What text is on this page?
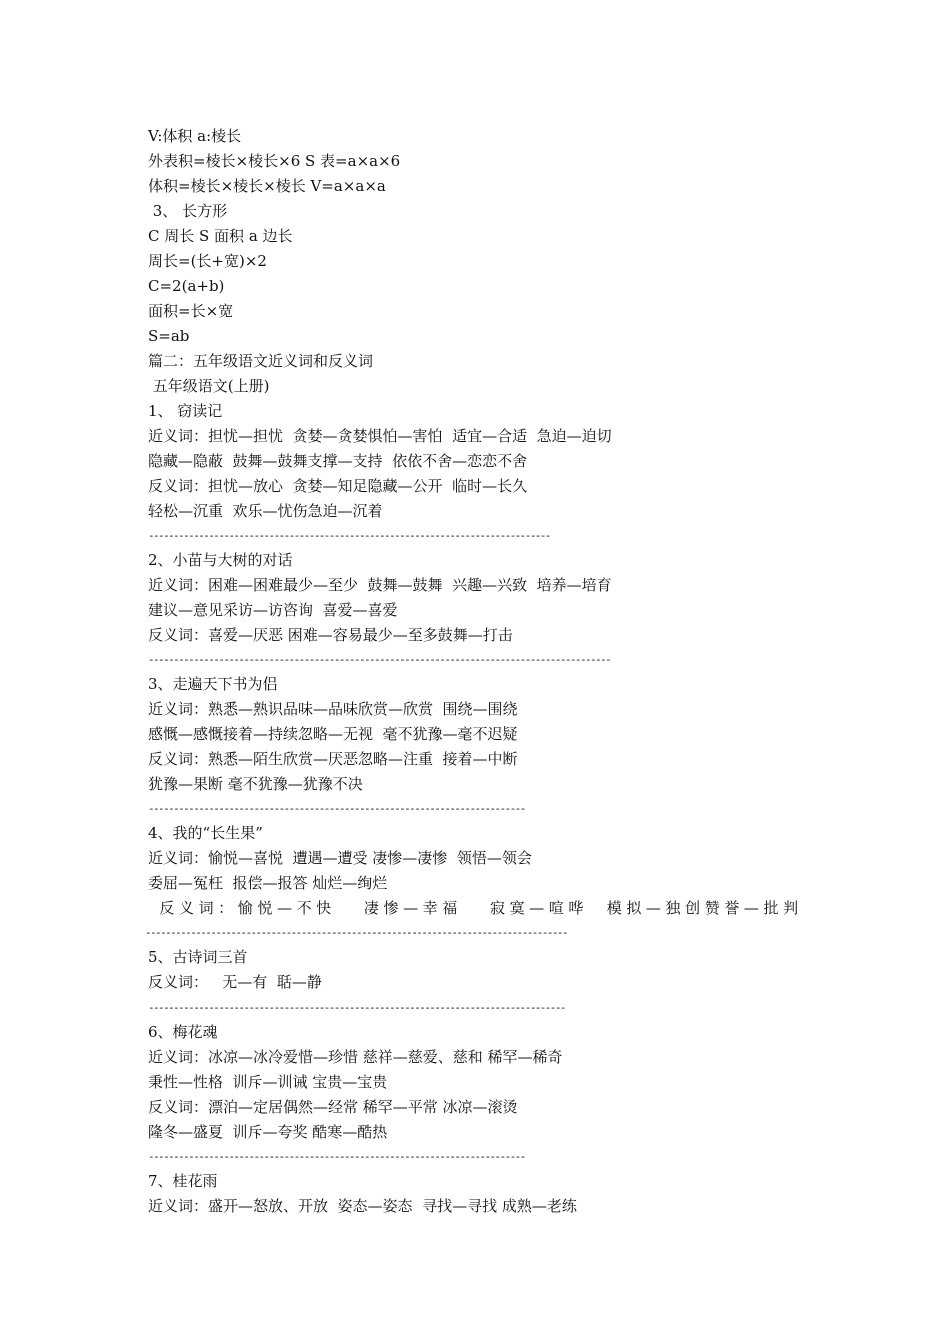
V:体积 a:棱长
外表积=棱长×棱长×6 S 表=a×a×6
体积=棱长×棱长×棱长 V=a×a×a
3、 长方形
C 周长 S 面积 a 边长
周长=(长+宽)×2
C=2(a+b)
面积=长×宽
S=ab
篇二：五年级语文近义词和反义词
五年级语文(上册)
1、 窃读记
近义词：担忧—担忧  贪婪—贪婪惧怕—害怕  适宜—合适  急迫—迫切
隐藏—隐蔽  鼓舞—鼓舞支撑—支持  依依不舍—恋恋不舍
反义词：担忧—放心  贪婪—知足隐藏—公开  临时—长久
轻松—沉重  欢乐—忧伤急迫—沉着
--------------------------------------------------------------------------------
2、小苗与大树的对话
近义词：困难—困难最少—至少  鼓舞—鼓舞  兴趣—兴致  培养—培育
建议—意见采访—访咨询  喜爱—喜爱
反义词：喜爱—厌恶 困难—容易最少—至多鼓舞—打击
--------------------------------------------------------------------------------------------
3、走遍天下书为侣
近义词：熟悉—熟识品味—品味欣赏—欣赏  围绕—围绕
感慨—感慨接着—持续忽略—无视  毫不犹豫—毫不迟疑
反义词：熟悉—陌生欣赏—厌恶忽略—注重  接着—中断
犹豫—果断 毫不犹豫—犹豫不决
---------------------------------------------------------------------------
4、我的“长生果”
近义词：愉悦—喜悦  遭遇—遭受 凄惨—凄惨  领悟—领会
委屈—冤枉  报偿—报答 灿烂—绚烂
反义词：愉悦—不快   凄惨—幸福   寂寞—喧哗  模拟—独创赞誉—批判
------------------------------------------------------------------------------------
5、古诗词三首
反义词：   无—有  聒—静
-----------------------------------------------------------------------------------
6、梅花魂
近义词：冰凉—冰冷爱惜—珍惜 慈祥—慈爱、慈和 稀罕—稀奇
秉性—性格  训斥—训诫 宝贵—宝贵
反义词：漂泊—定居偶然—经常 稀罕—平常 冰凉—滚烫
隆冬—盛夏  训斥—夸奖 酷寒—酷热
---------------------------------------------------------------------------
7、桂花雨
近义词：盛开—怒放、开放  姿态—姿态  寻找—寻找 成熟—老练
